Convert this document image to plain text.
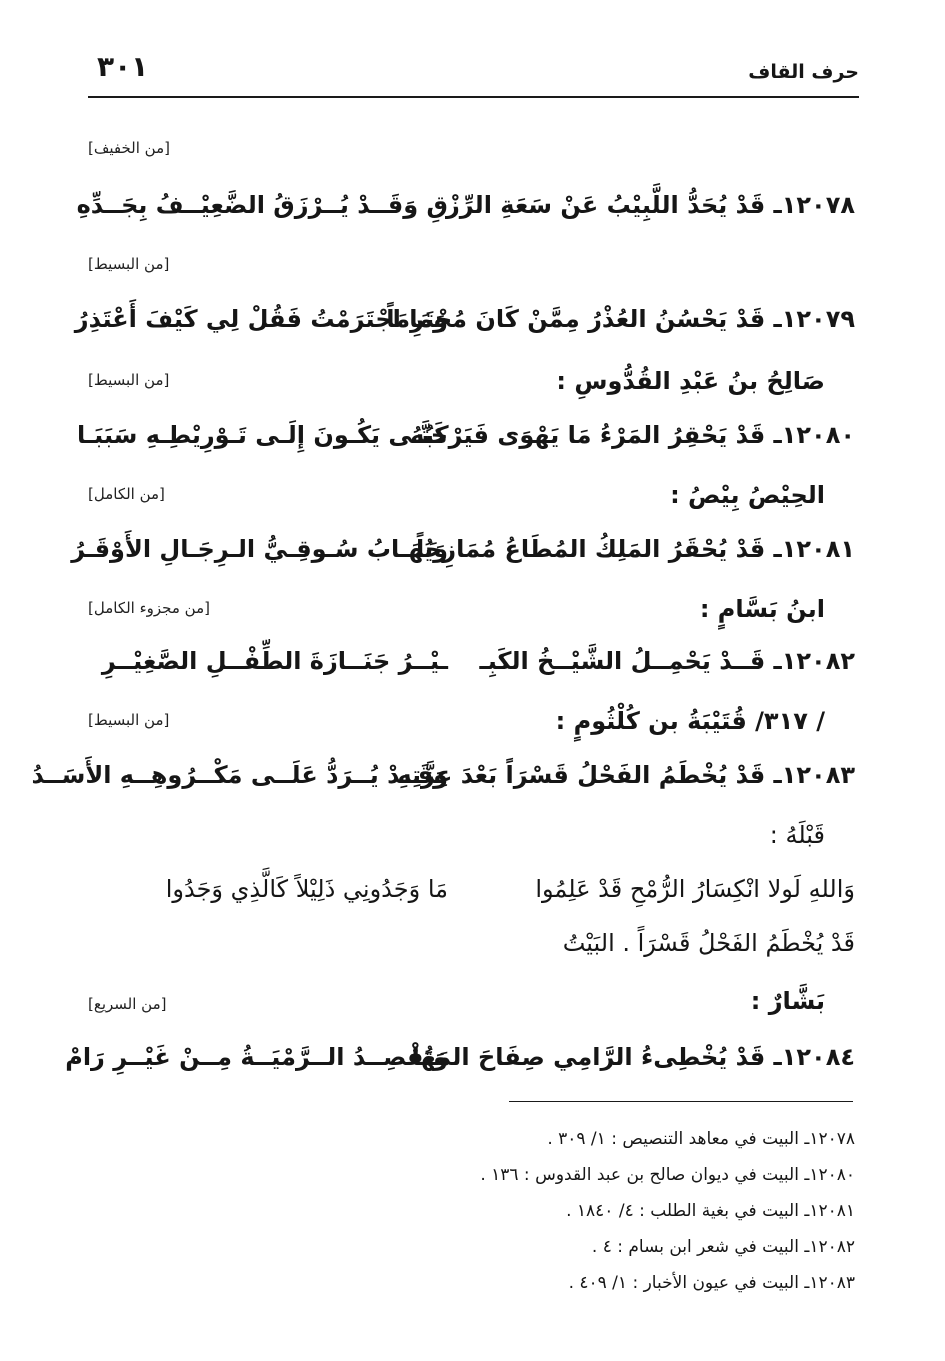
٣٠١	حرف القاف
[من الخفيف]
١٢٠٧٨ـ قَدْ يُحَدُّ اللَّبِيْبُ عَنْ سَعَةِ الرِّزْ
قِ وَقَــدْ يُــرْزَقُ الضَّعِيْــفُ بِجَــدِّهِ
[من البسيط]
١٢٠٧٩ـ قَدْ يَحْسُنُ العُذْرُ مِمَّنْ كَانَ مُجْتَرِمَاً
وَمَا اجْتَرَمْتُ فَقُلْ لِي كَيْفَ أَعْتَذِرُ
صَالِحُ بنُ عَبْدِ القُدُّوسِ :
[من البسيط]
١٢٠٨٠ـ قَدْ يَحْقِرُ المَرْءُ مَا يَهْوَى فَيَرْكَبُهُ
حَتَّـى يَكُـونَ إِلَـى تَـوْرِيْطِـهِ سَبَبَـا
الحِيْصُ بِيْصُ :
[من الكامل]
١٢٠٨١ـ قَدْ يُحْقَرُ المَلِكُ المُطَاعُ مُمَازِحَاً
وَيُهَـابُ سُـوقِـيُّ الـرِجَـالِ الأَوْقَـرُ
ابنُ بَسَّامٍ :
[من مجزوء الكامل]
١٢٠٨٢ـ قَــدْ يَحْمِــلُ الشَّيْــخُ الكَبِـ
ـيْــرُ جَنَــازَةَ الطِّفْــلِ الصَّغِيْــرِ
/ ٣١٧/ قُتَيْبَةُ بن كُلْثُومٍ :
[من البسيط]
١٢٠٨٣ـ قَدْ يُخْطَمُ الفَحْلُ قَسْرَاً بَعْدَ عِزَّتِهِ
وَقَــدْ يُــرَدُّ عَلَــى مَكْــرُوهِــهِ الأَسَــدُ
قَبْلَهُ :
وَاللهِ لَولا انْكِسَارُ الرُّمْحِ قَدْ عَلِمُوا
مَا وَجَدُونِي ذَلِيْلاً كَالَّذِي وَجَدُوا
قَدْ يُخْطَمُ الفَحْلُ قَسْرَاً . البَيْتُ
بَشَّارٌ :
[من السريع]
١٢٠٨٤ـ قَدْ يُخْطِىءُ الرَّامِي صِفَاحَ المَهَا
وَتُقْصِــدُ الــرَّمْيَــةُ مِــنْ غَيْــرِ رَامْ
١٢٠٧٨ـ البيت في معاهد التنصيص : ١/ ٣٠٩ .
١٢٠٨٠ـ البيت في ديوان صالح بن عبد القدوس : ١٣٦ .
١٢٠٨١ـ البيت في بغية الطلب : ٤/ ١٨٤٠ .
١٢٠٨٢ـ البيت في شعر ابن بسام : ٤ .
١٢٠٨٣ـ البيت في عيون الأخبار : ١/ ٤٠٩ .
